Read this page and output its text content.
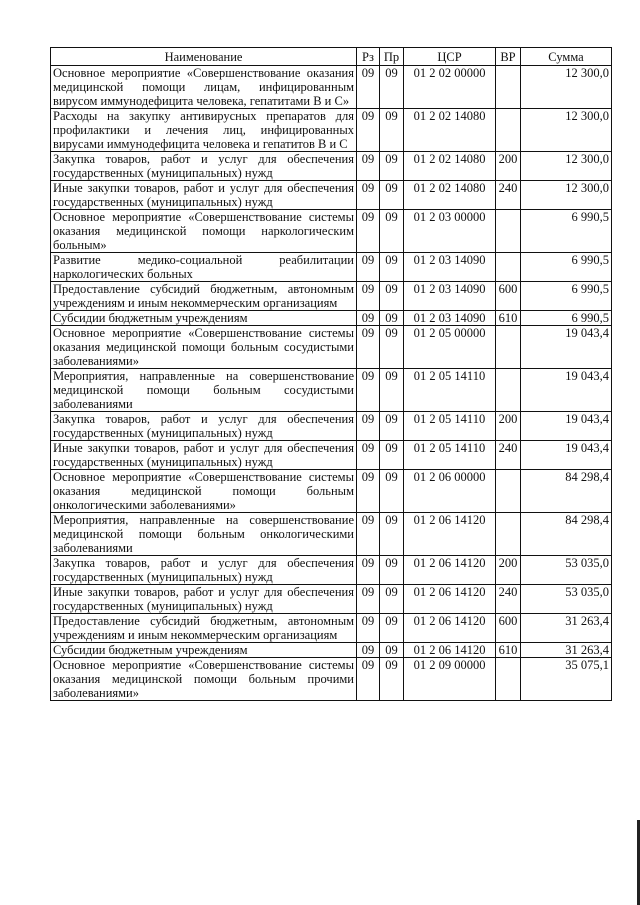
Наименование	Рз	Пр	ЦСР	ВР	Сумма
Основное мероприятие «Совершенствование оказания медицинской помощи лицам, инфицированным вирусом иммунодефицита человека, гепатитами В и С»	09	09	01 2 02 00000		12 300,0
Расходы на закупку антивирусных препаратов для профилактики и лечения лиц, инфицированных вирусами иммунодефицита человека и гепатитов В и С	09	09	01 2 02 14080		12 300,0
Закупка товаров, работ и услуг для обеспечения государственных (муниципальных) нужд	09	09	01 2 02 14080	200	12 300,0
Иные закупки товаров, работ и услуг для обеспечения государственных (муниципальных) нужд	09	09	01 2 02 14080	240	12 300,0
Основное мероприятие «Совершенствование системы оказания медицинской помощи наркологическим больным»	09	09	01 2 03 00000		6 990,5
Развитие медико-социальной реабилитации наркологических больных	09	09	01 2 03 14090		6 990,5
Предоставление субсидий бюджетным, автономным учреждениям и иным некоммерческим организациям	09	09	01 2 03 14090	600	6 990,5
Субсидии бюджетным учреждениям	09	09	01 2 03 14090	610	6 990,5
Основное мероприятие «Совершенствование системы оказания медицинской помощи больным сосудистыми заболеваниями»	09	09	01 2 05 00000		19 043,4
Мероприятия, направленные на совершенствование медицинской помощи больным сосудистыми заболеваниями	09	09	01 2 05 14110		19 043,4
Закупка товаров, работ и услуг для обеспечения государственных (муниципальных) нужд	09	09	01 2 05 14110	200	19 043,4
Иные закупки товаров, работ и услуг для обеспечения государственных (муниципальных) нужд	09	09	01 2 05 14110	240	19 043,4
Основное мероприятие «Совершенствование системы оказания медицинской помощи больным онкологическими заболеваниями»	09	09	01 2 06 00000		84 298,4
Мероприятия, направленные на совершенствование медицинской помощи больным онкологическими заболеваниями	09	09	01 2 06 14120		84 298,4
Закупка товаров, работ и услуг для обеспечения государственных (муниципальных) нужд	09	09	01 2 06 14120	200	53 035,0
Иные закупки товаров, работ и услуг для обеспечения государственных (муниципальных) нужд	09	09	01 2 06 14120	240	53 035,0
Предоставление субсидий бюджетным, автономным учреждениям и иным некоммерческим организациям	09	09	01 2 06 14120	600	31 263,4
Субсидии бюджетным учреждениям	09	09	01 2 06 14120	610	31 263,4
Основное мероприятие «Совершенствование системы оказания медицинской помощи больным прочими заболеваниями»	09	09	01 2 09 00000		35 075,1
